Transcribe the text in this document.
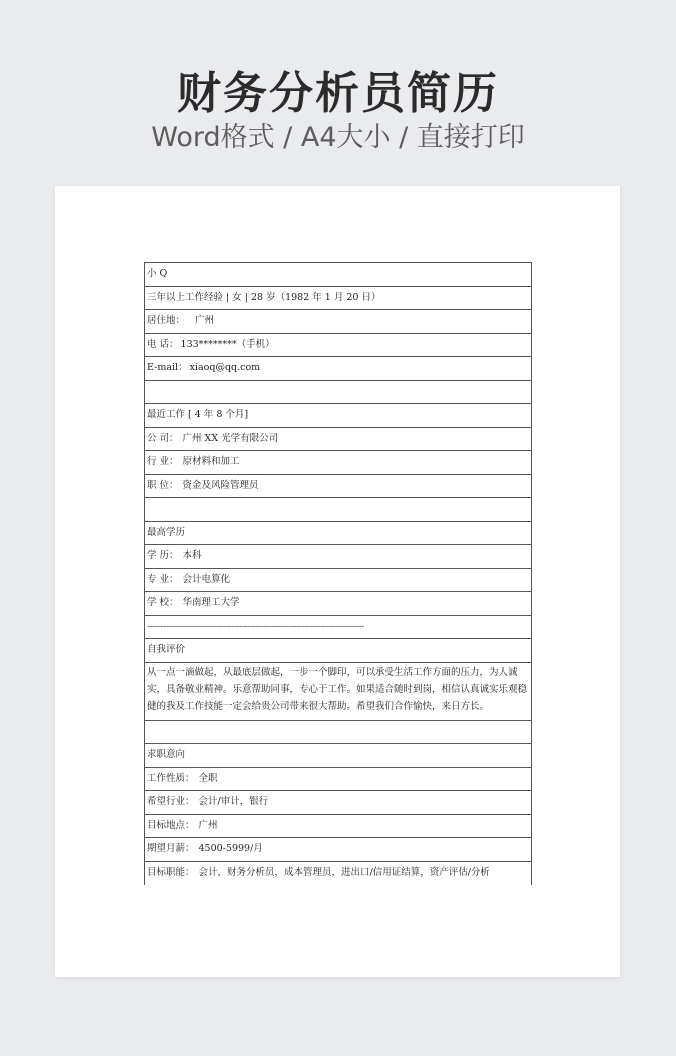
财务分析员简历
Word格式 / A4大小 / 直接打印
小 Q
三年以上工作经验 | 女 | 28 岁（1982 年 1 月 20 日）
居住地： 广州
电 话： 133********（手机）
E-mail： xiaoq@qq.com
最近工作 [ 4 年 8 个月]
公 司： 广州 XX 光学有限公司
行 业： 原材料和加工
职 位： 资金及风险管理员
最高学历
学 历： 本科
专 业： 会计电算化
学 校： 华南理工大学
--------------------------------------------------------------------------------
自我评价
从一点一滴做起，从最底层做起，一步一个脚印，可以承受生活工作方面的压力，为人诚实，具备敬业精神。乐意帮助同事，专心于工作。如果适合随时到岗，相信认真诚实乐观稳健的我及工作技能一定会给贵公司带来很大帮助。希望我们合作愉快，来日方长。
求职意向
工作性质： 全职
希望行业： 会计/审计，银行
目标地点： 广州
期望月薪： 4500-5999/月
目标职能： 会计，财务分析员，成本管理员，进出口/信用证结算，资产评估/分析
